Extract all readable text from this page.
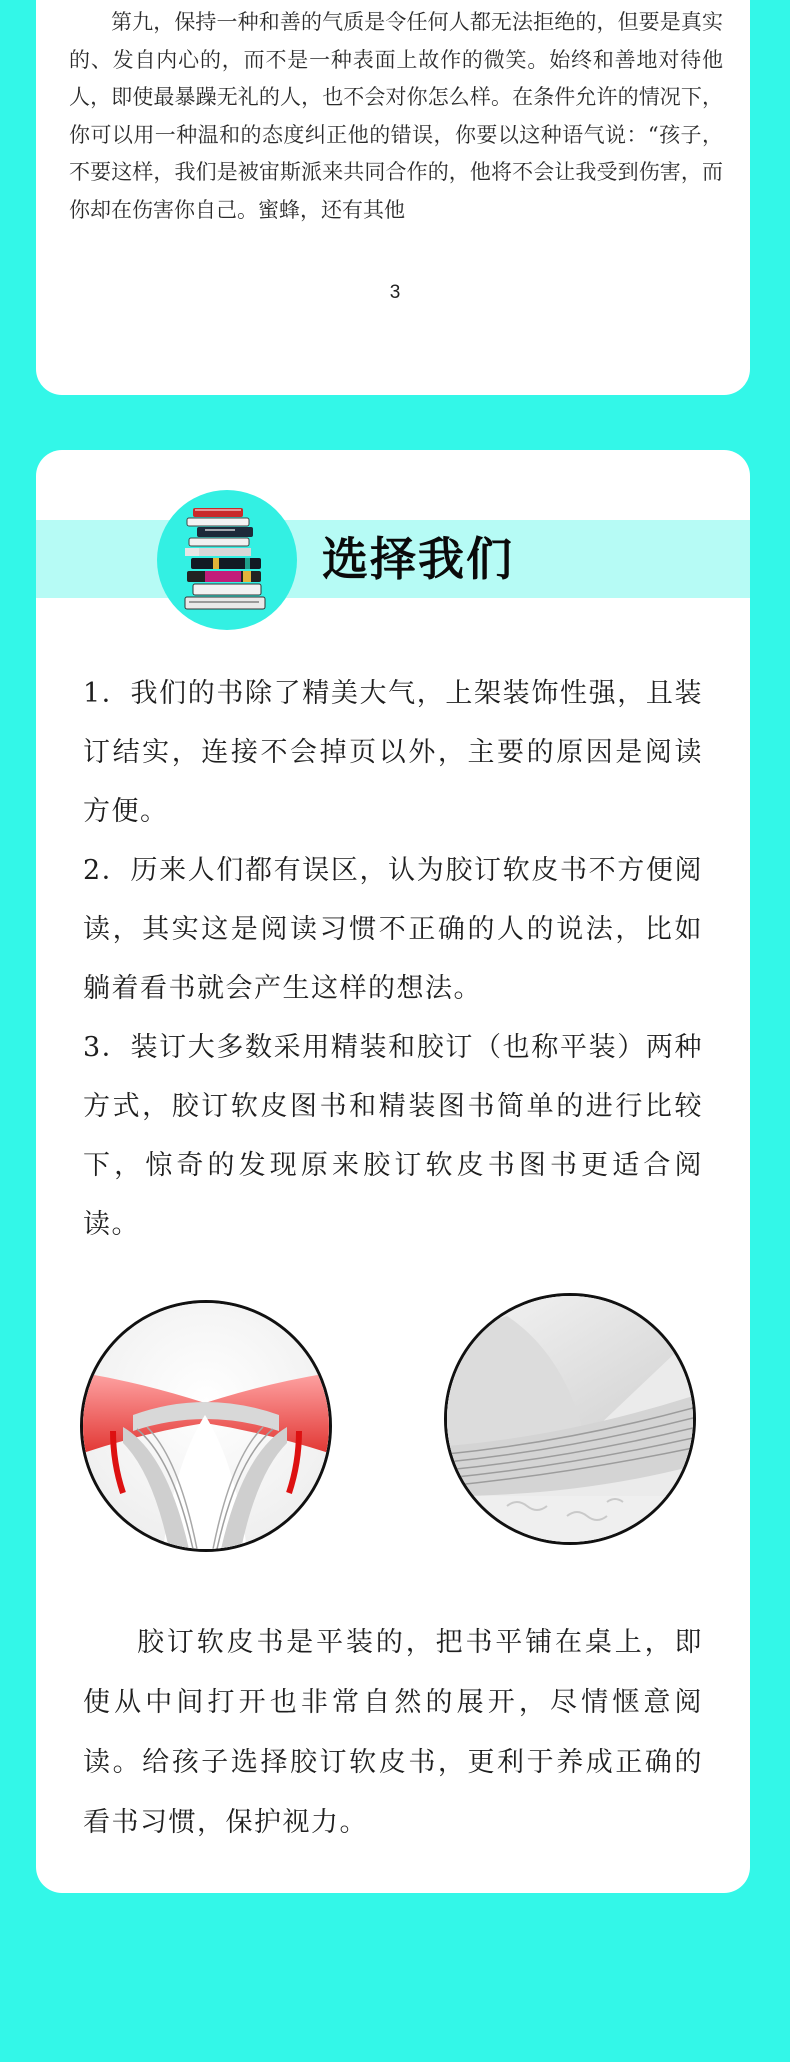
第九，保持一种和善的气质是令任何人都无法拒绝的，但要是真实的、发自内心的，而不是一种表面上故作的微笑。始终和善地对待他人，即使最暴躁无礼的人，也不会对你怎么样。在条件允许的情况下，你可以用一种温和的态度纠正他的错误，你要以这种语气说：“孩子，不要这样，我们是被宙斯派来共同合作的，他将不会让我受到伤害，而你却在伤害你自己。蜜蜂，还有其他

3
选择我们
1．我们的书除了精美大气，上架装饰性强，且装订结实，连接不会掉页以外，主要的原因是阅读方便。
2．历来人们都有误区，认为胶订软皮书不方便阅读，其实这是阅读习惯不正确的人的说法，比如躺着看书就会产生这样的想法。
3．装订大多数采用精装和胶订（也称平装）两种方式，胶订软皮图书和精装图书简单的进行比较下，惊奇的发现原来胶订软皮书图书更适合阅读。

胶订软皮书是平装的，把书平铺在桌上，即使从中间打开也非常自然的展开，尽情惬意阅读。给孩子选择胶订软皮书，更利于养成正确的看书习惯，保护视力。
